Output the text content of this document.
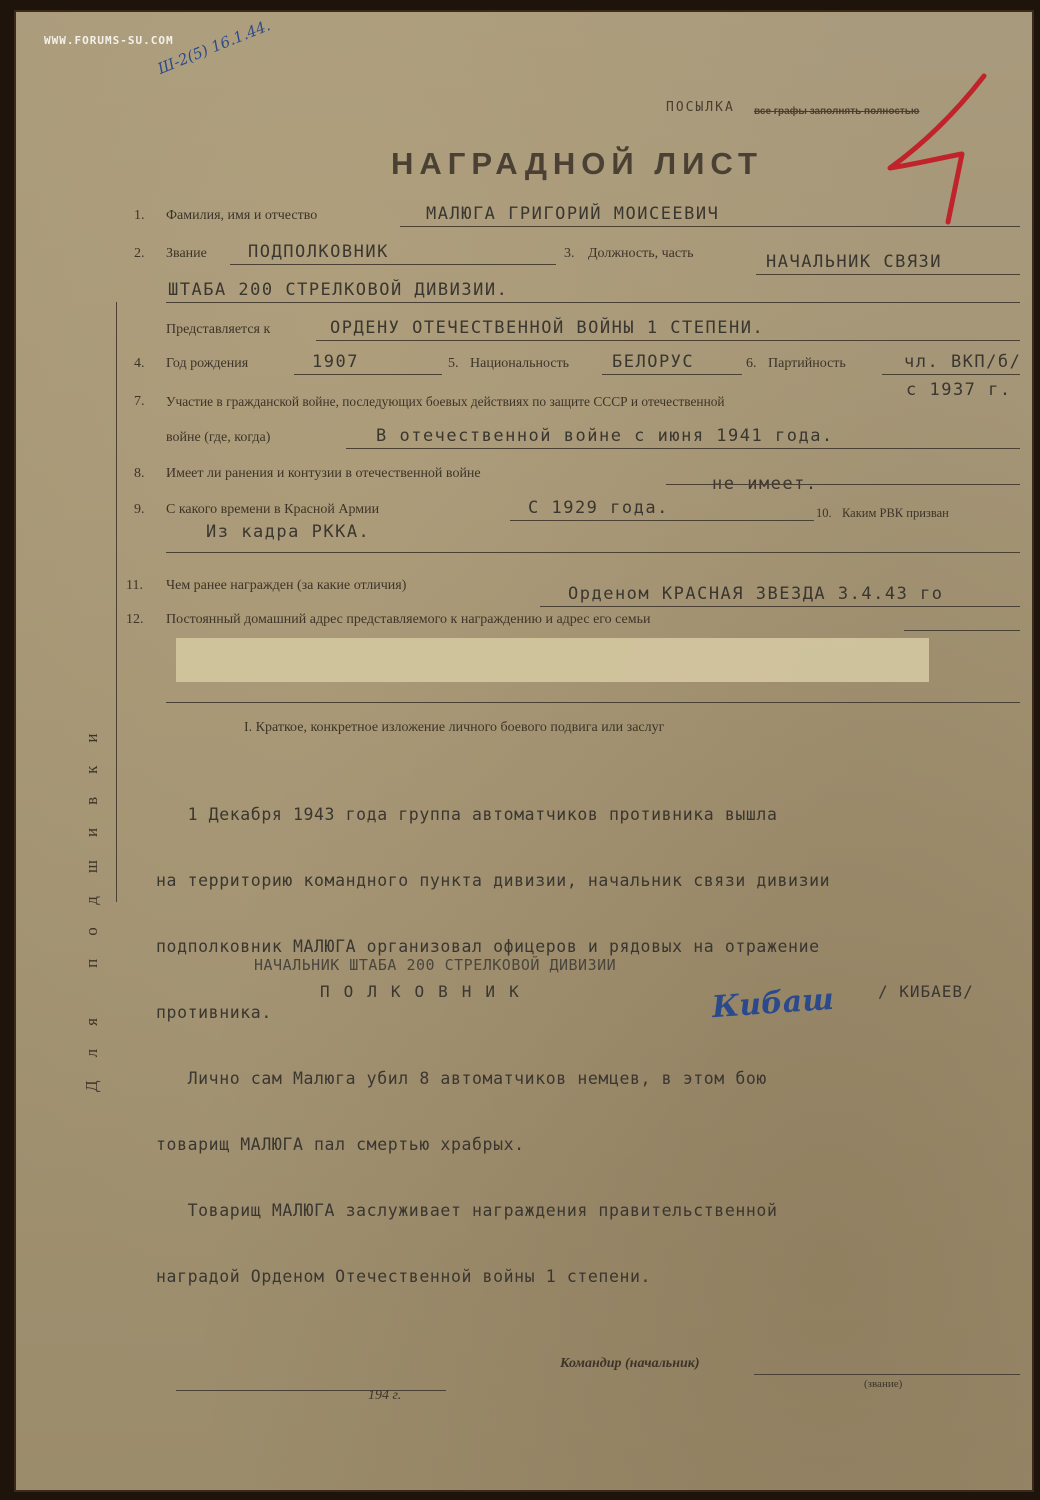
WWW.FORUMS-SU.COM
Ш-2(5) 16.1.44.
ПОСЫЛКА все графы заполнять полностью
НАГРАДНОЙ ЛИСТ
1. Фамилия, имя и отчество	МАЛЮГА ГРИГОРИЙ МОИСЕЕВИЧ
2. Звание ПОДПОЛКОВНИК	3. Должность, часть	НАЧАЛЬНИК СВЯЗИ
ШТАБА 200 СТРЕЛКОВОЙ ДИВИЗИИ.
Представляется к	ОРДЕНУ ОТЕЧЕСТВЕННОЙ ВОЙНЫ 1 СТЕПЕНИ.
4. Год рождения	1907	5. Национальность	БЕЛОРУС	6. Партийность	чл. ВКП/б/
7. Участие в гражданской войне, последующих боевых действиях по защите СССР и отечественной
с 1937 г.
войне (где, когда)	В отечественной войне с июня 1941 года.
8. Имеет ли ранения и контузии в отечественной войне
не имеет.
9. С какого времени в Красной Армии	С 1929 года.	10. Каким РВК призван
Из кадра РККА.
11. Чем ранее награжден (за какие отличия)	Орденом КРАСНАЯ ЗВЕЗДА 3.4.43 го
12. Постоянный домашний адрес представляемого к награждению и адрес его семьи
Для подшивки	I. Краткое, конкретное изложение личного боевого подвига или заслуг

1 Декабря 1943 года группа автоматчиков противника вышла

на территорию командного пункта дивизии, начальник связи дивизии

подполковник МАЛЮГА организовал офицеров и рядовых на отражение

противника.

Лично сам Малюга убил 8 автоматчиков немцев, в этом бою

товарищ МАЛЮГА пал смертью храбрых.

Товарищ МАЛЮГА заслуживает награждения правительственной

наградой Орденом Отечественной войны 1 степени.

НАЧАЛЬНИК ШТАБА 200 СТРЕЛКОВОЙ ДИВИЗИИ
ПОЛКОВНИК	Кибаш	/ КИБАЕВ/
Командир (начальник)
(звание)
194 г.
